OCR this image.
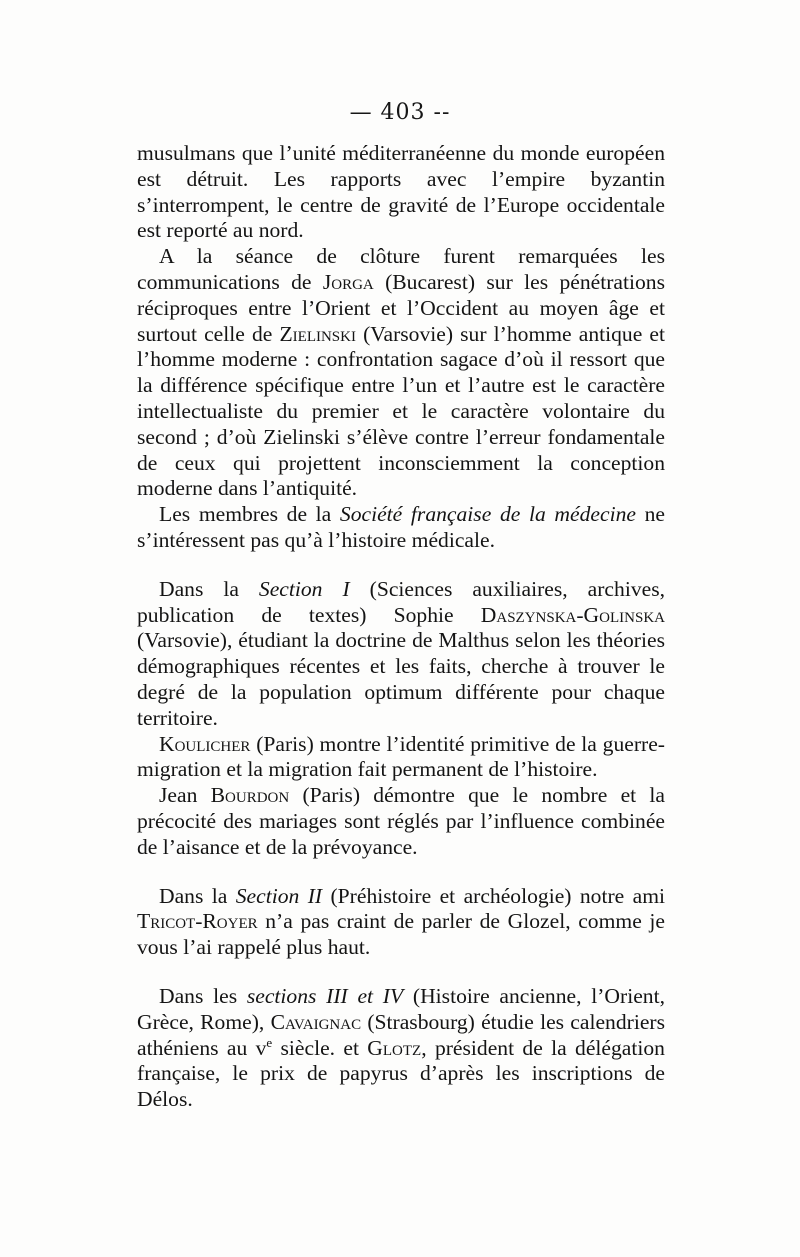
— 403 --

musulmans que l’unité méditerranéenne du monde européen est détruit. Les rapports avec l’empire byzantin s’interrompent, le centre de gravité de l’Europe occidentale est reporté au nord.

A la séance de clôture furent remarquées les communications de Jorga (Bucarest) sur les pénétrations réciproques entre l’Orient et l’Occident au moyen âge et surtout celle de Zielinski (Varsovie) sur l’homme antique et l’homme moderne : confrontation sagace d’où il ressort que la différence spécifique entre l’un et l’autre est le caractère intellectualiste du premier et le caractère volontaire du second ; d’où Zielinski s’élève contre l’erreur fondamentale de ceux qui projettent inconsciemment la conception moderne dans l’antiquité.

Les membres de la Société française de la médecine ne s’intéressent pas qu’à l’histoire médicale.

Dans la Section I (Sciences auxiliaires, archives, publication de textes) Sophie Daszynska-Golinska (Varsovie), étudiant la doctrine de Malthus selon les théories démographiques récentes et les faits, cherche à trouver le degré de la population optimum différente pour chaque territoire.

Koulicher (Paris) montre l’identité primitive de la guerre-migration et la migration fait permanent de l’histoire.

Jean Bourdon (Paris) démontre que le nombre et la précocité des mariages sont réglés par l’influence combinée de l’aisance et de la prévoyance.

Dans la Section II (Préhistoire et archéologie) notre ami Tricot-Royer n’a pas craint de parler de Glozel, comme je vous l’ai rappelé plus haut.

Dans les sections III et IV (Histoire ancienne, l’Orient, Grèce, Rome), Cavaignac (Strasbourg) étudie les calendriers athéniens au $v^e$ siècle. et Glotz, président de la délégation française, le prix de papyrus d’après les inscriptions de Délos.
